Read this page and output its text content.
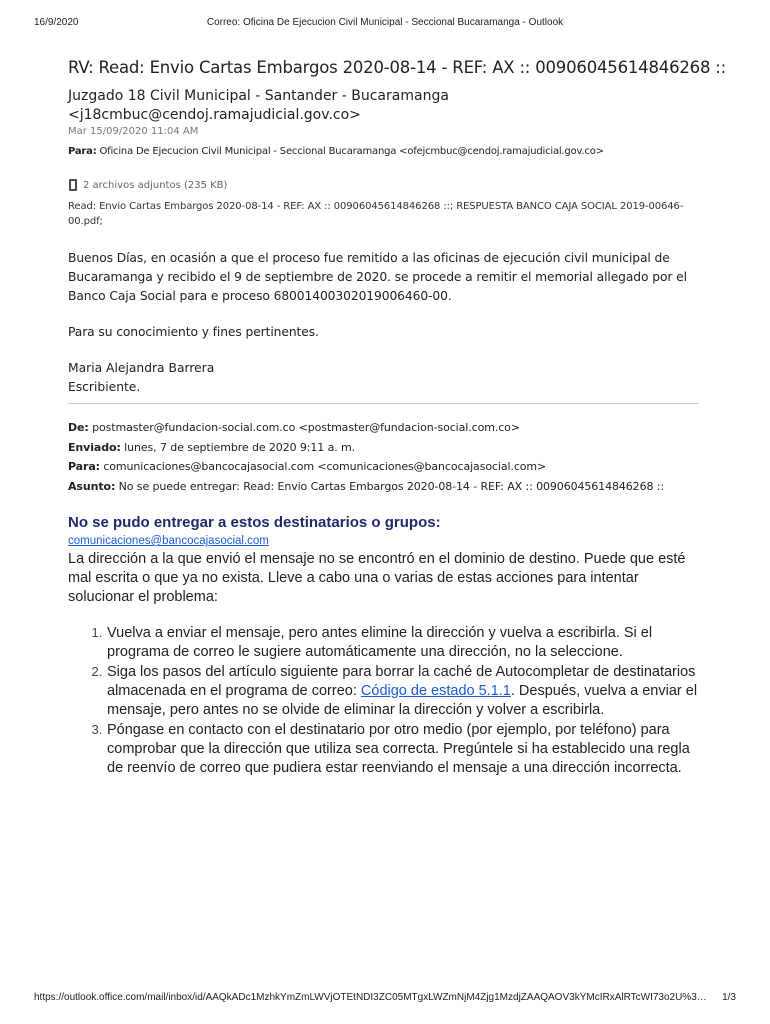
16/9/2020	Correo: Oficina De Ejecucion Civil Municipal - Seccional Bucaramanga - Outlook
RV: Read: Envio Cartas Embargos 2020-08-14 - REF: AX :: 00906045614846268 ::
Juzgado 18 Civil Municipal - Santander - Bucaramanga
<j18cmbuc@cendoj.ramajudicial.gov.co>
Mar 15/09/2020 11:04 AM
Para: Oficina De Ejecucion Civil Municipal - Seccional Bucaramanga <ofejcmbuc@cendoj.ramajudicial.gov.co>
2 archivos adjuntos (235 KB)
Read: Envio Cartas Embargos 2020-08-14 - REF: AX :: 00906045614846268 ::; RESPUESTA BANCO CAJA SOCIAL 2019-00646-00.pdf;

Buenos Días, en ocasión a que el proceso fue remitido a las oficinas de ejecución civil municipal de Bucaramanga y recibido el 9 de septiembre de 2020. se procede a remitir el memorial allegado por el Banco Caja Social para e proceso 68001400302019006460-00.

Para su conocimiento y fines pertinentes.

Maria Alejandra Barrera
Escribiente.
De: postmaster@fundacion-social.com.co <postmaster@fundacion-social.com.co>
Enviado: lunes, 7 de septiembre de 2020 9:11 a. m.
Para: comunicaciones@bancocajasocial.com <comunicaciones@bancocajasocial.com>
Asunto: No se puede entregar: Read: Envio Cartas Embargos 2020-08-14 - REF: AX :: 00906045614846268 ::
No se pudo entregar a estos destinatarios o grupos:
comunicaciones@bancocajasocial.com
La dirección a la que envió el mensaje no se encontró en el dominio de destino. Puede que esté mal escrita o que ya no exista. Lleve a cabo una o varias de estas acciones para intentar solucionar el problema:
1. Vuelva a enviar el mensaje, pero antes elimine la dirección y vuelva a escribirla. Si el programa de correo le sugiere automáticamente una dirección, no la seleccione.
2. Siga los pasos del artículo siguiente para borrar la caché de Autocompletar de destinatarios almacenada en el programa de correo: Código de estado 5.1.1. Después, vuelva a enviar el mensaje, pero antes no se olvide de eliminar la dirección y volver a escribirla.
3. Póngase en contacto con el destinatario por otro medio (por ejemplo, por teléfono) para comprobar que la dirección que utiliza sea correcta. Pregúntele si ha establecido una regla de reenvío de correo que pudiera estar reenviando el mensaje a una dirección incorrecta.
https://outlook.office.com/mail/inbox/id/AAQkADc1MzhkYmZmLWVjOTEtNDI3ZC05MTgxLWZmNjM4Zjg1MzdjZAAQAOV3kYMcIRxAlRTcWI73o2U%3…	1/3
